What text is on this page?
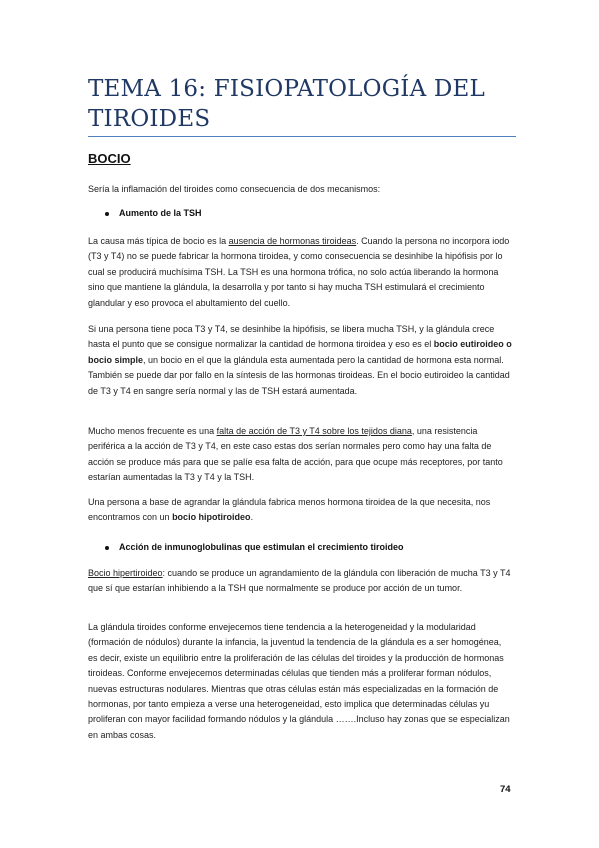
TEMA 16: FISIOPATOLOGÍA DEL TIROIDES
BOCIO

Sería la inflamación del tiroides como consecuencia de dos mecanismos:

Aumento de la TSH

La causa más típica de bocio es la ausencia de hormonas tiroideas. Cuando la persona no incorpora iodo (T3 y T4) no se puede fabricar la hormona tiroidea, y como consecuencia se desinhibe la hipófisis por lo cual se producirá muchísima TSH. La TSH es una hormona trófica, no solo actúa liberando la hormona sino que mantiene la glándula, la desarrolla y por tanto si hay mucha TSH estimulará el crecimiento glandular y eso provoca el abultamiento del cuello.

Si una persona tiene poca T3 y T4, se desinhibe la hipófisis, se libera mucha TSH, y la glándula crece hasta el punto que se consigue normalizar la cantidad de hormona tiroidea y eso es el bocio eutiroideo o bocio simple, un bocio en el que la glándula esta aumentada pero la cantidad de hormona esta normal. También se puede dar por fallo en la síntesis de las hormonas tiroideas. En el bocio eutiroideo la cantidad de T3 y T4 en sangre sería normal y las de TSH estará aumentada.

Mucho menos frecuente es una falta de acción de T3 y T4 sobre los tejidos diana, una resistencia periférica a la acción de T3 y T4, en este caso estas dos serían normales pero como hay una falta de acción se produce más para que se palíe esa falta de acción, para que ocupe más receptores, por tanto estarían aumentadas la T3 y T4 y la TSH.

Una persona a base de agrandar la glándula fabrica menos hormona tiroidea de la que necesita, nos encontramos con un bocio hipotiroideo.

Acción de inmunoglobulinas que estimulan el crecimiento tiroideo

Bocio hipertiroideo: cuando se produce un agrandamiento de la glándula con liberación de mucha T3 y T4 que sí que estarían inhibiendo a la TSH que normalmente se produce por acción de un tumor.

La glándula tiroides conforme envejecemos tiene tendencia a la heterogeneidad y la modularidad (formación de nódulos) durante la infancia, la juventud la tendencia de la glándula es a ser homogénea, es decir, existe un equilibrio entre la proliferación de las células del tiroides y la producción de hormonas tiroideas. Conforme envejecemos determinadas células que tienden más a proliferar forman nódulos, nuevas estructuras nodulares. Mientras que otras células están más especializadas en la formación de hormonas, por tanto empieza a verse una heterogeneidad, esto implica que determinadas células yu proliferan con mayor facilidad formando nódulos y la glándula …….Incluso hay zonas que se especializan en ambas cosas.

74
